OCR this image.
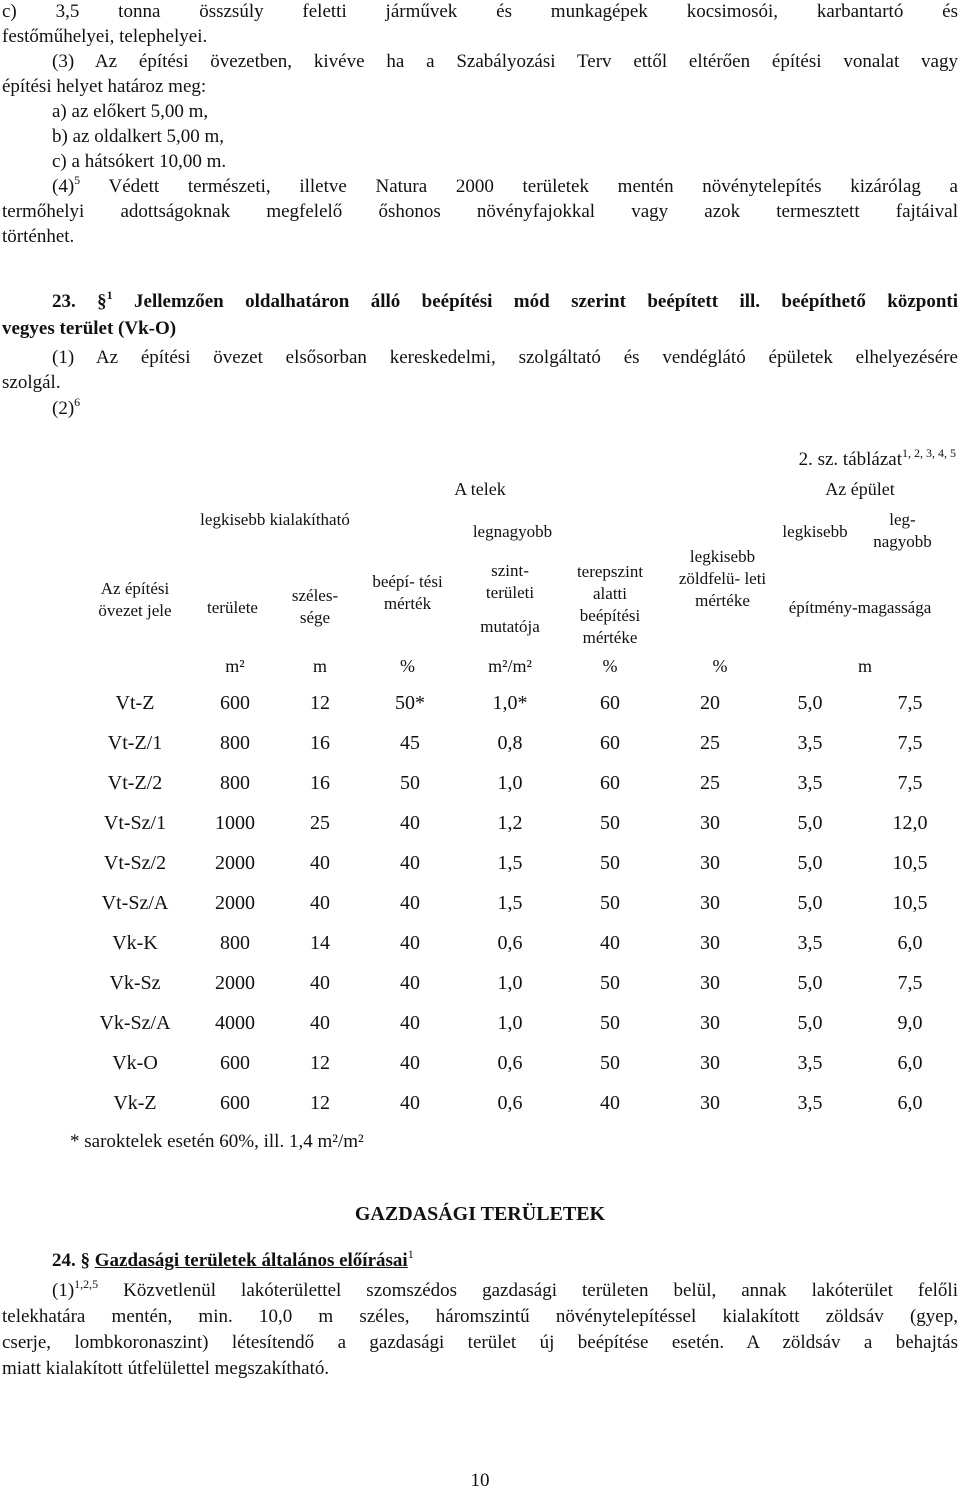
c) 3,5 tonna összsúly feletti járművek és munkagépek kocsimosói, karbantartó és
festőműhelyei, telephelyei.
(3) Az építési övezetben, kivéve ha a Szabályozási Terv ettől eltérően építési vonalat vagy
építési helyet határoz meg:
a) az előkert 5,00 m,
b) az oldalkert 5,00 m,
c) a hátsókert 10,00 m.
$(4)^5$ Védett természeti, illetve Natura 2000 területek mentén növénytelepítés kizárólag a
termőhelyi adottságoknak megfelelő őshonos növényfajokkal vagy azok termesztett fajtáival
történhet.
23. §$^1$ Jellemzően oldalhatáron álló beépítési mód szerint beépített ill. beépíthető központi
vegyes terület (Vk-O)
(1) Az építési övezet elsősorban kereskedelmi, szolgáltató és vendéglátó épületek elhelyezésére
szolgál.
$(2)^6$
2. sz. táblázat$^{1, 2, 3, 4, 5}$
A telek	Az épület
Az építési övezet jele
legkisebb kialakítható
területe
széles- sége
beépí- tési mérték
legnagyobb
szint- területi
mutatója
terepszint alatti beépítési mértéke
legkisebb zöldfelü- leti mértéke
legkisebb
leg- nagyobb
építmény-magassága
m²	m	%	m²/m²	%	%	m
Vt-Z	600	12	50*	1,0*	60	20	5,0	7,5
Vt-Z/1	800	16	45	0,8	60	25	3,5	7,5
Vt-Z/2	800	16	50	1,0	60	25	3,5	7,5
Vt-Sz/1	1000	25	40	1,2	50	30	5,0	12,0
Vt-Sz/2	2000	40	40	1,5	50	30	5,0	10,5
Vt-Sz/A	2000	40	40	1,5	50	30	5,0	10,5
Vk-K	800	14	40	0,6	40	30	3,5	6,0
Vk-Sz	2000	40	40	1,0	50	30	5,0	7,5
Vk-Sz/A	4000	40	40	1,0	50	30	5,0	9,0
Vk-O	600	12	40	0,6	50	30	3,5	6,0
Vk-Z	600	12	40	0,6	40	30	3,5	6,0
* saroktelek esetén 60%, ill. 1,4 m²/m²
GAZDASÁGI TERÜLETEK
24. § Gazdasági területek általános előírásai$^1$
$(1)^{1,2,5}$ Közvetlenül lakóterülettel szomszédos gazdasági területen belül, annak lakóterület felőli
telekhatára mentén, min. 10,0 m széles, háromszintű növénytelepítéssel kialakított zöldsáv (gyep,
cserje, lombkoronaszint) létesítendő a gazdasági terület új beépítése esetén. A zöldsáv a behajtás
miatt kialakított útfelülettel megszakítható.
10
